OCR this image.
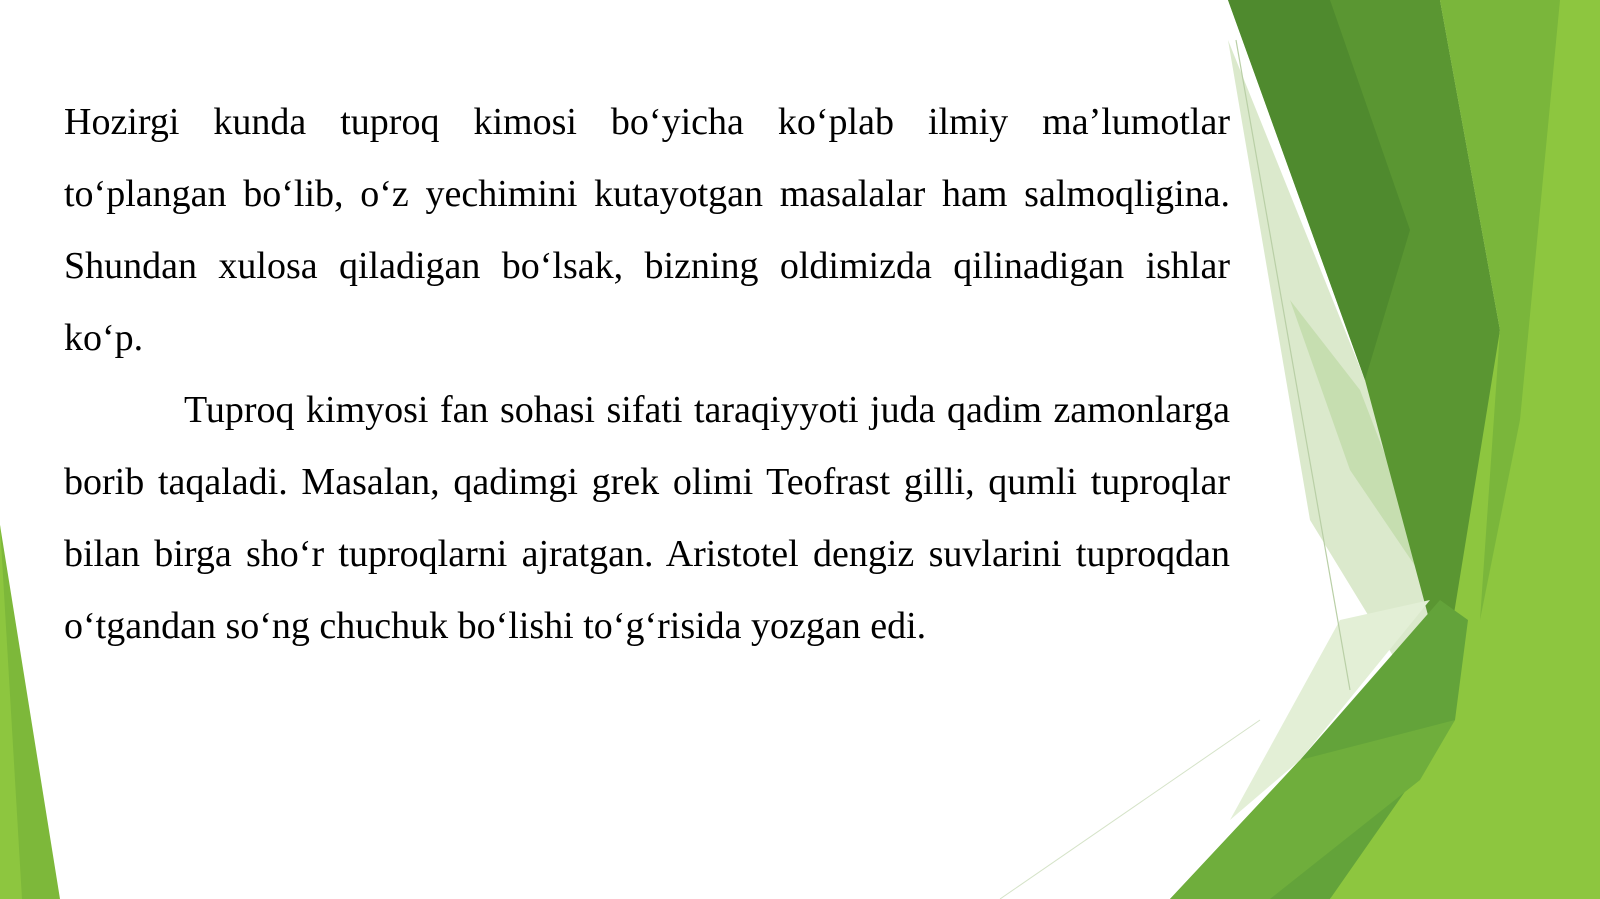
Hozirgi kunda tuproq kimosi bo‘yicha ko‘plab ilmiy ma’lumotlar to‘plangan bo‘lib, o‘z yechimini kutayotgan masalalar ham salmoqligina. Shundan xulosa qiladigan bo‘lsak, bizning oldimizda qilinadigan ishlar ko‘p.

Tuproq kimyosi fan sohasi sifati taraqiyyoti juda qadim zamonlarga borib taqaladi. Masalan, qadimgi grek olimi Teofrast gilli, qumli tuproqlar bilan birga sho‘r tuproqlarni ajratgan. Aristotel dengiz suvlarini tuproqdan o‘tgandan so‘ng chuchuk bo‘lishi to‘g‘risida yozgan edi.
